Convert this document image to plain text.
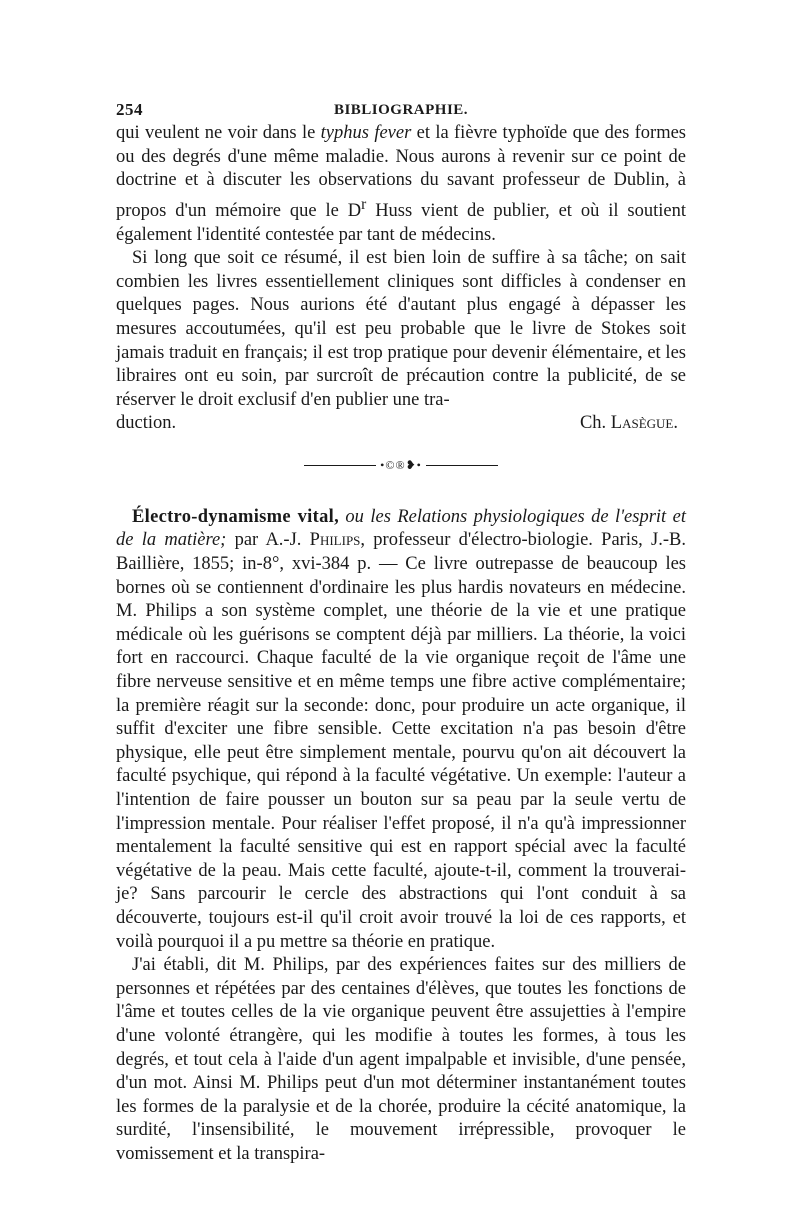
254	BIBLIOGRAPHIE.

qui veulent ne voir dans le typhus fever et la fièvre typhoïde que des formes ou des degrés d'une même maladie. Nous aurons à revenir sur ce point de doctrine et à discuter les observations du savant professeur de Dublin, à propos d'un mémoire que le $D^r$ Huss vient de publier, et où il soutient également l'identité contestée par tant de médecins.

Si long que soit ce résumé, il est bien loin de suffire à sa tâche; on sait combien les livres essentiellement cliniques sont difficles à condenser en quelques pages. Nous aurions été d'autant plus engagé à dépasser les mesures accoutumées, qu'il est peu probable que le livre de Stokes soit jamais traduit en français; il est trop pratique pour devenir élémentaire, et les libraires ont eu soin, par surcroît de précaution contre la publicité, de se réserver le droit exclusif d'en publier une tra-

duction.	Ch. Lasègue.
•©®❥•

Électro-dynamisme vital, ou les Relations physiologiques de l'esprit et de la matière; par A.-J. Philips, professeur d'électro-biologie. Paris, J.-B. Baillière, 1855; in-8°, xvi-384 p. — Ce livre outrepasse de beaucoup les bornes où se contiennent d'ordinaire les plus hardis novateurs en médecine. M. Philips a son système complet, une théorie de la vie et une pratique médicale où les guérisons se comptent déjà par milliers. La théorie, la voici fort en raccourci. Chaque faculté de la vie organique reçoit de l'âme une fibre nerveuse sensitive et en même temps une fibre active complémentaire; la première réagit sur la seconde: donc, pour produire un acte organique, il suffit d'exciter une fibre sensible. Cette excitation n'a pas besoin d'être physique, elle peut être simplement mentale, pourvu qu'on ait découvert la faculté psychique, qui répond à la faculté végétative. Un exemple: l'auteur a l'intention de faire pousser un bouton sur sa peau par la seule vertu de l'impression mentale. Pour réaliser l'effet proposé, il n'a qu'à impressionner mentalement la faculté sensitive qui est en rapport spécial avec la faculté végétative de la peau. Mais cette faculté, ajoute-t-il, comment la trouverai-je? Sans parcourir le cercle des abstractions qui l'ont conduit à sa découverte, toujours est-il qu'il croit avoir trouvé la loi de ces rapports, et voilà pourquoi il a pu mettre sa théorie en pratique.

J'ai établi, dit M. Philips, par des expériences faites sur des milliers de personnes et répétées par des centaines d'élèves, que toutes les fonctions de l'âme et toutes celles de la vie organique peuvent être assujetties à l'empire d'une volonté étrangère, qui les modifie à toutes les formes, à tous les degrés, et tout cela à l'aide d'un agent impalpable et invisible, d'une pensée, d'un mot. Ainsi M. Philips peut d'un mot déterminer instantanément toutes les formes de la paralysie et de la chorée, produire la cécité anatomique, la surdité, l'insensibilité, le mouvement irrépressible, provoquer le vomissement et la transpira-
